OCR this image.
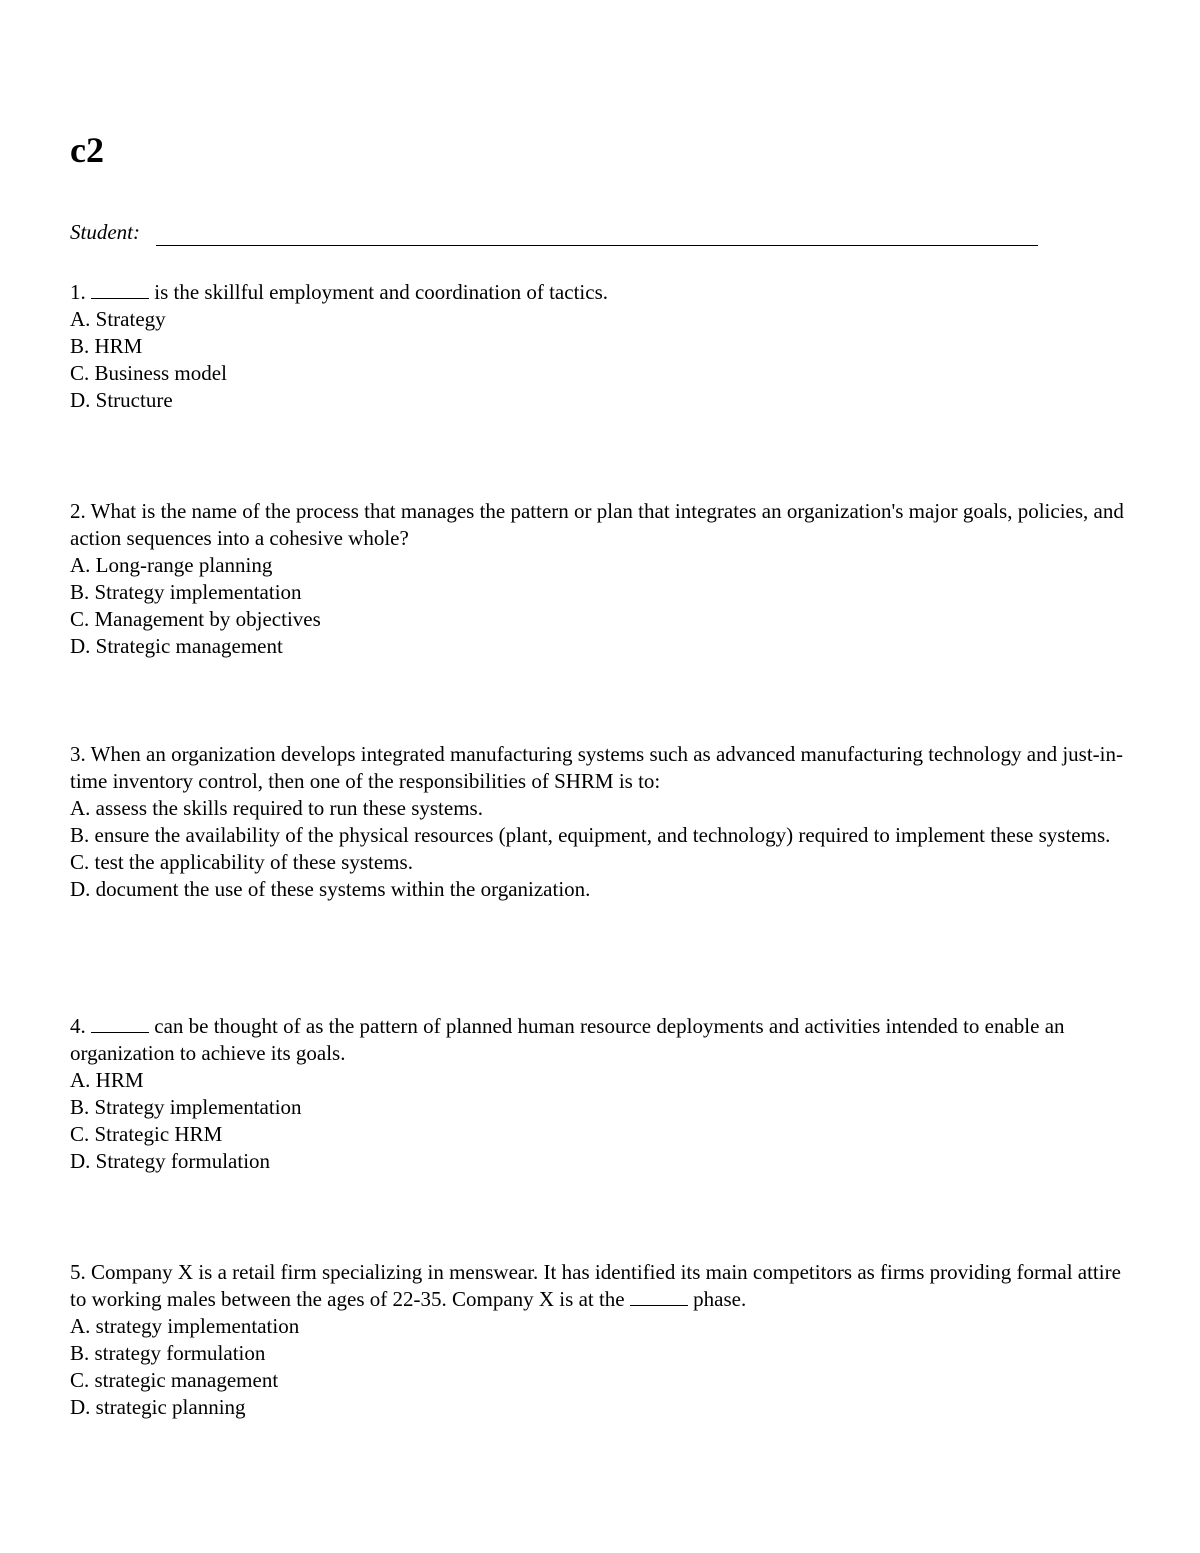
c2
Student:

1.	is the skillful employment and coordination of tactics.

A. Strategy

B. HRM

C. Business model

D. Structure

2. What is the name of the process that manages the pattern or plan that integrates an organization's major goals, policies, and action sequences into a cohesive whole?

A. Long-range planning

B. Strategy implementation

C. Management by objectives

D. Strategic management

3. When an organization develops integrated manufacturing systems such as advanced manufacturing technology and just-in-time inventory control, then one of the responsibilities of SHRM is to:

A. assess the skills required to run these systems.

B. ensure the availability of the physical resources (plant, equipment, and technology) required to implement these systems.

C. test the applicability of these systems.

D. document the use of these systems within the organization.

4.	can be thought of as the pattern of planned human resource deployments and activities intended to enable an organization to achieve its goals.

A. HRM

B. Strategy implementation

C. Strategic HRM

D. Strategy formulation

5. Company X is a retail firm specializing in menswear. It has identified its main competitors as firms providing formal attire to working males between the ages of 22-35. Company X is at the	phase.

A. strategy implementation

B. strategy formulation

C. strategic management

D. strategic planning
